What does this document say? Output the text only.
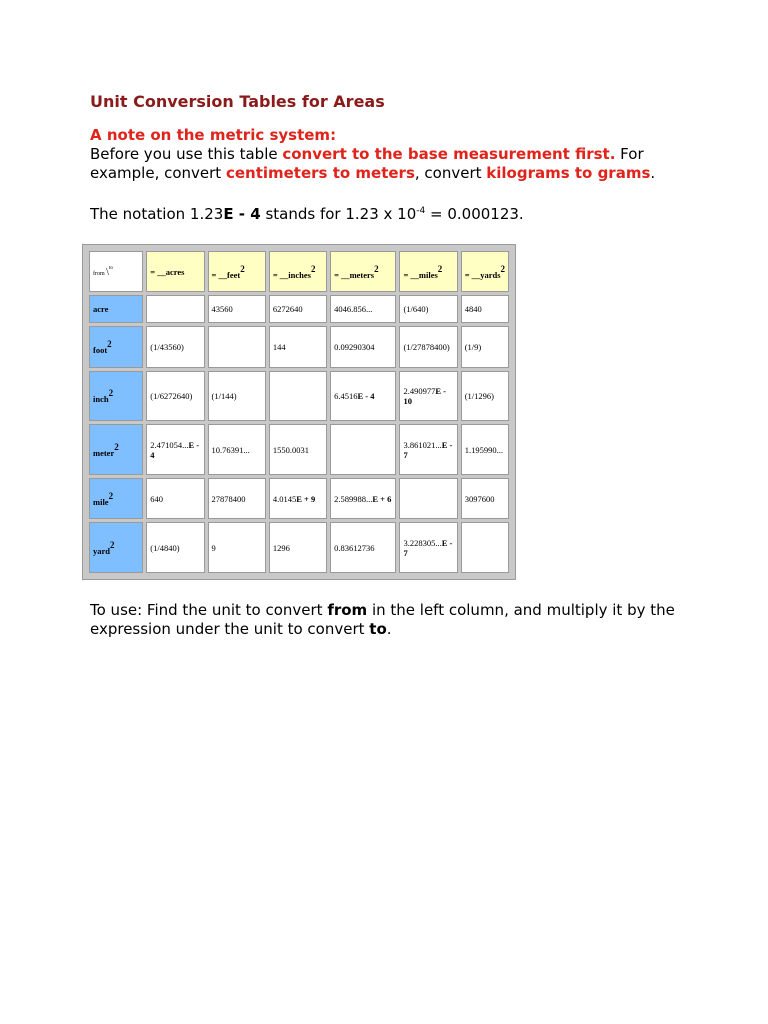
Unit Conversion Tables for Areas
A note on the metric system:
Before you use this table convert to the base measurement first. For example, convert centimeters to meters, convert kilograms to grams.
The notation 1.23E - 4 stands for 1.23 x $10^{-4} = 0.000123$.
from \$^{to}$	= __acres	= __feet$^2$	= __inches$^2$	= __meters$^2$	= __miles$^2$	= __yards$^2$
acre		43560	6272640	4046.856...	(1/640)	4840
foot$^2$	(1/43560)		144	0.09290304	(1/27878400)	(1/9)
inch$^2$	(1/6272640)	(1/144)		6.4516E - 4	2.490977E - 10	(1/1296)
meter$^2$	2.471054...E - 4	10.76391...	1550.0031		3.861021...E - 7	1.195990...
mile$^2$	640	27878400	4.0145E + 9	2.589988...E + 6		3097600
yard$^2$	(1/4840)	9	1296	0.83612736	3.228305...E - 7	
To use: Find the unit to convert from in the left column, and multiply it by the expression under the unit to convert to.
